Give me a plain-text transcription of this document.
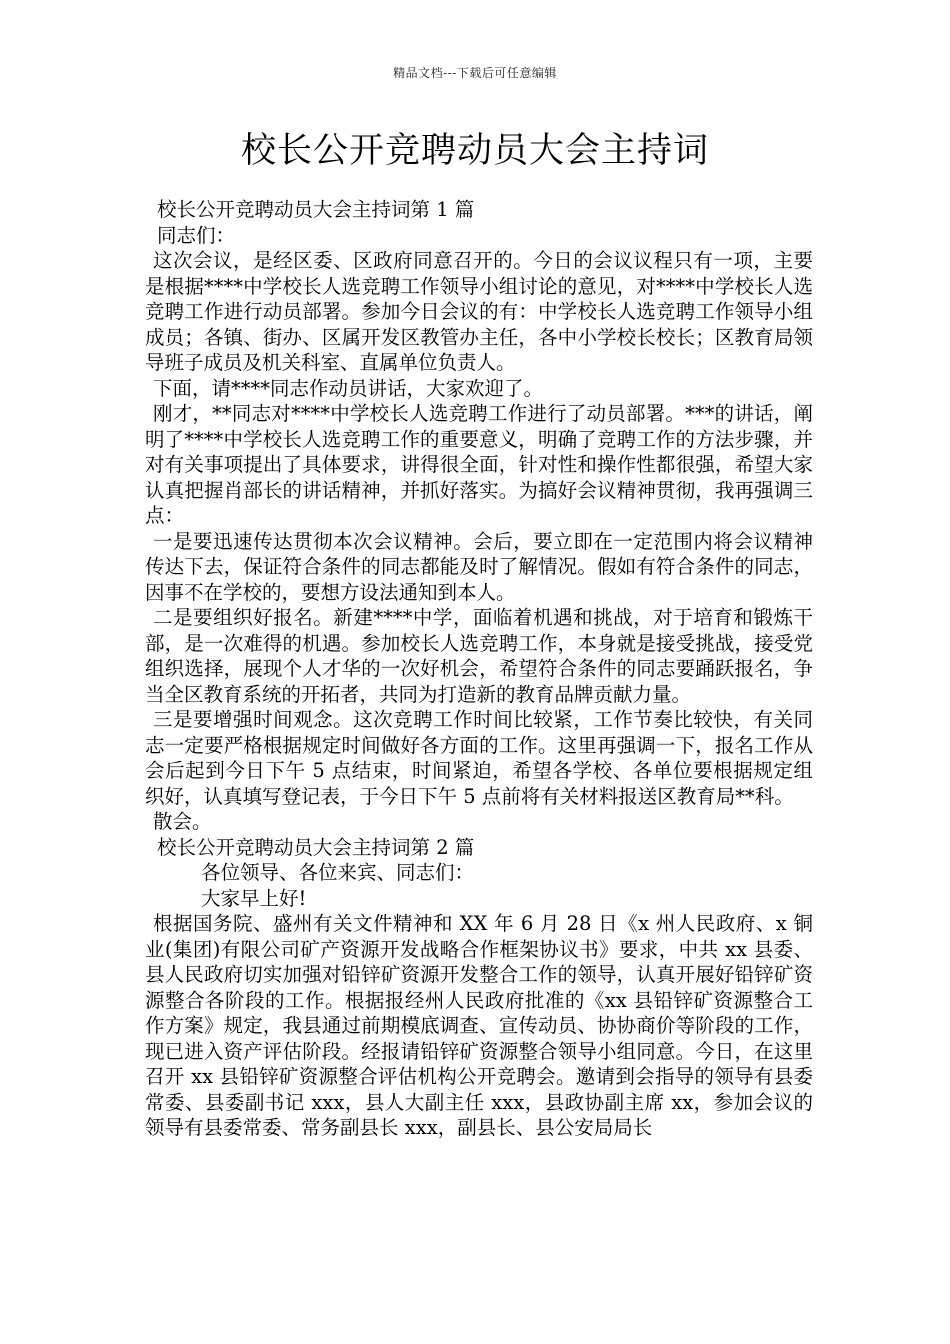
精品文档---下载后可任意编辑
校长公开竞聘动员大会主持词

校长公开竞聘动员大会主持词第 1 篇

同志们：

这次会议，是经区委、区政府同意召开的。今日的会议议程只有一项，主要是根据****中学校长人选竞聘工作领导小组讨论的意见，对****中学校长人选竞聘工作进行动员部署。参加今日会议的有：中学校长人选竞聘工作领导小组成员；各镇、街办、区属开发区教管办主任，各中小学校长校长；区教育局领导班子成员及机关科室、直属单位负责人。

下面，请****同志作动员讲话，大家欢迎了。

刚才，**同志对****中学校长人选竞聘工作进行了动员部署。***的讲话，阐明了****中学校长人选竞聘工作的重要意义，明确了竞聘工作的方法步骤，并对有关事项提出了具体要求，讲得很全面，针对性和操作性都很强，希望大家认真把握肖部长的讲话精神，并抓好落实。为搞好会议精神贯彻，我再强调三点：

一是要迅速传达贯彻本次会议精神。会后，要立即在一定范围内将会议精神传达下去，保证符合条件的同志都能及时了解情况。假如有符合条件的同志，因事不在学校的，要想方设法通知到本人。

二是要组织好报名。新建****中学，面临着机遇和挑战，对于培育和锻炼干部，是一次难得的机遇。参加校长人选竞聘工作，本身就是接受挑战，接受党组织选择，展现个人才华的一次好机会，希望符合条件的同志要踊跃报名，争当全区教育系统的开拓者，共同为打造新的教育品牌贡献力量。

三是要增强时间观念。这次竞聘工作时间比较紧，工作节奏比较快，有关同志一定要严格根据规定时间做好各方面的工作。这里再强调一下，报名工作从会后起到今日下午 5 点结束，时间紧迫，希望各学校、各单位要根据规定组织好，认真填写登记表，于今日下午 5 点前将有关材料报送区教育局**科。

散会。

校长公开竞聘动员大会主持词第 2 篇

各位领导、各位来宾、同志们：

大家早上好!

根据国务院、盛州有关文件精神和 XX 年 6 月 28 日《x 州人民政府、x 铜业(集团)有限公司矿产资源开发战略合作框架协议书》要求，中共 xx 县委、县人民政府切实加强对铅锌矿资源开发整合工作的领导，认真开展好铅锌矿资源整合各阶段的工作。根据报经州人民政府批准的《xx 县铅锌矿资源整合工作方案》规定，我县通过前期模底调查、宣传动员、协协商价等阶段的工作，现已进入资产评估阶段。经报请铅锌矿资源整合领导小组同意。今日，在这里召开 xx 县铅锌矿资源整合评估机构公开竞聘会。邀请到会指导的领导有县委常委、县委副书记 xxx，县人大副主任 xxx，县政协副主席 xx，参加会议的领导有县委常委、常务副县长 xxx，副县长、县公安局局长
